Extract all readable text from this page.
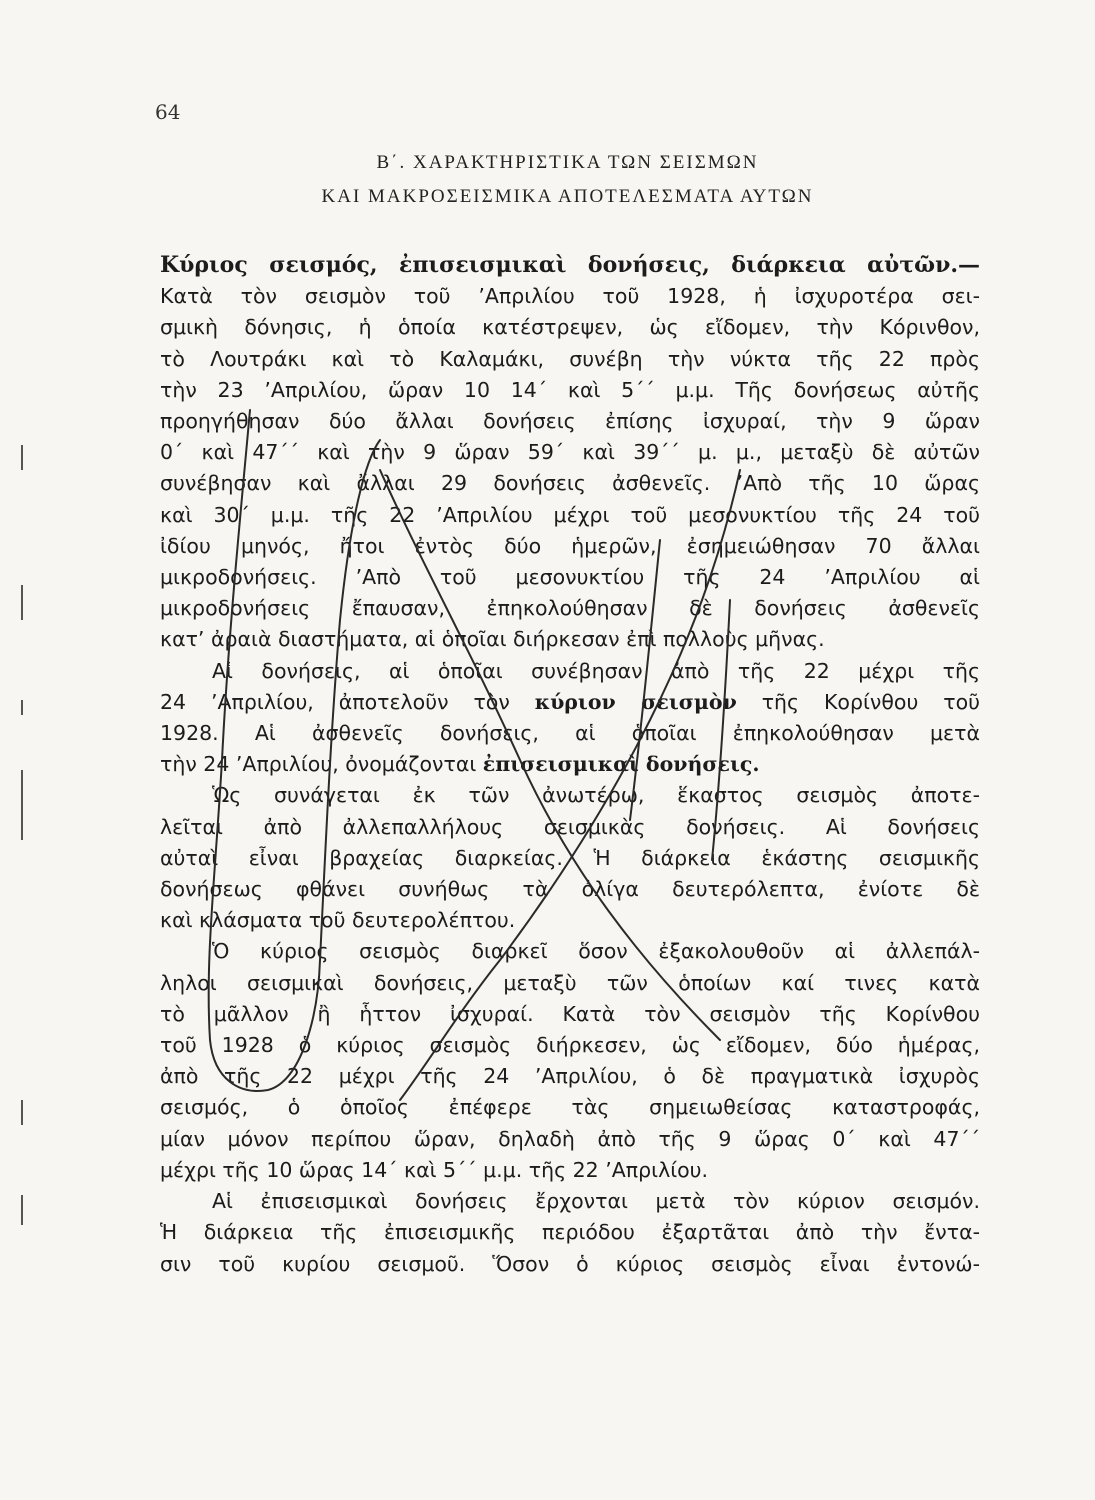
64
Β΄. ΧΑΡΑΚΤΗΡΙΣΤΙΚΑ ΤΩΝ ΣΕΙΣΜΩΝ
ΚΑΙ ΜΑΚΡΟΣΕΙΣΜΙΚΑ ΑΠΟΤΕΛΕΣΜΑΤΑ ΑΥΤΩΝ
Κύριος σεισμός, ἐπισεισμικαὶ δονήσεις, διάρκεια αὐτῶν.—
Κατὰ τὸν σεισμὸν τοῦ ’Απριλίου τοῦ 1928, ἡ ἰσχυροτέρα σει-
σμικὴ δόνησις, ἡ ὁποία κατέστρεψεν, ὡς εἴδομεν, τὴν Κόρινθον,
τὸ Λουτράκι καὶ τὸ Καλαμάκι, συνέβη τὴν νύκτα τῆς 22 πρὸς
τὴν 23 ’Απριλίου, ὥραν 10 14΄ καὶ 5΄΄ μ.μ. Τῆς δονήσεως αὐτῆς
προηγήθησαν δύο ἄλλαι δονήσεις ἐπίσης ἰσχυραί, τὴν 9 ὥραν
0΄ καὶ 47΄΄ καὶ τὴν 9 ὥραν 59΄ καὶ 39΄΄ μ. μ., μεταξὺ δὲ αὐτῶν
συνέβησαν καὶ ἄλλαι 29 δονήσεις ἀσθενεῖς. ’Απὸ τῆς 10 ὥρας
καὶ 30΄ μ.μ. τῆς 22 ’Απριλίου μέχρι τοῦ μεσονυκτίου τῆς 24 τοῦ
ἰδίου μηνός, ἤτοι ἐντὸς δύο ἡμερῶν, ἐσημειώθησαν 70 ἄλλαι
μικροδονήσεις. ’Απὸ τοῦ μεσονυκτίου τῆς 24 ’Απριλίου αἱ
μικροδονήσεις ἔπαυσαν, ἐπηκολούθησαν δὲ δονήσεις ἀσθενεῖς
κατ’ ἀραιὰ διαστήματα, αἱ ὁποῖαι διήρκεσαν ἐπὶ πολλοὺς μῆνας.
Αἱ δονήσεις, αἱ ὁποῖαι συνέβησαν ἀπὸ τῆς 22 μέχρι τῆς
24 ’Απριλίου, ἀποτελοῦν τὸν κύριον σεισμὸν τῆς Κορίνθου τοῦ
1928. Αἱ ἀσθενεῖς δονήσεις, αἱ ὁποῖαι ἐπηκολούθησαν μετὰ
τὴν 24 ’Απριλίου, ὀνομάζονται ἐπισεισμικαὶ δονήσεις.
Ὡς συνάγεται ἐκ τῶν ἀνωτέρω, ἕκαστος σεισμὸς ἀποτε-
λεῖται ἀπὸ ἀλλεπαλλήλους σεισμικὰς δονήσεις. Αἱ δονήσεις
αὐταὶ εἶναι βραχείας διαρκείας. Ἡ διάρκεια ἑκάστης σεισμικῆς
δονήσεως φθάνει συνήθως τὰ ὀλίγα δευτερόλεπτα, ἐνίοτε δὲ
καὶ κλάσματα τοῦ δευτερολέπτου.
Ὁ κύριος σεισμὸς διαρκεῖ ὅσον ἐξακολουθοῦν αἱ ἀλλεπάλ-
ληλοι σεισμικαὶ δονήσεις, μεταξὺ τῶν ὁποίων καί τινες κατὰ
τὸ μᾶλλον ἢ ἧττον ἰσχυραί. Κατὰ τὸν σεισμὸν τῆς Κορίνθου
τοῦ 1928 ὁ κύριος σεισμὸς διήρκεσεν, ὡς εἴδομεν, δύο ἡμέρας,
ἀπὸ τῆς 22 μέχρι τῆς 24 ’Απριλίου, ὁ δὲ πραγματικὰ ἰσχυρὸς
σεισμός, ὁ ὁποῖος ἐπέφερε τὰς σημειωθείσας καταστροφάς,
μίαν μόνον περίπου ὥραν, δηλαδὴ ἀπὸ τῆς 9 ὥρας 0΄ καὶ 47΄΄
μέχρι τῆς 10 ὥρας 14΄ καὶ 5΄΄ μ.μ. τῆς 22 ’Απριλίου.
Αἱ ἐπισεισμικαὶ δονήσεις ἔρχονται μετὰ τὸν κύριον σεισμόν.
Ἡ διάρκεια τῆς ἐπισεισμικῆς περιόδου ἐξαρτᾶται ἀπὸ τὴν ἔντα-
σιν τοῦ κυρίου σεισμοῦ. Ὅσον ὁ κύριος σεισμὸς εἶναι ἐντονώ-
